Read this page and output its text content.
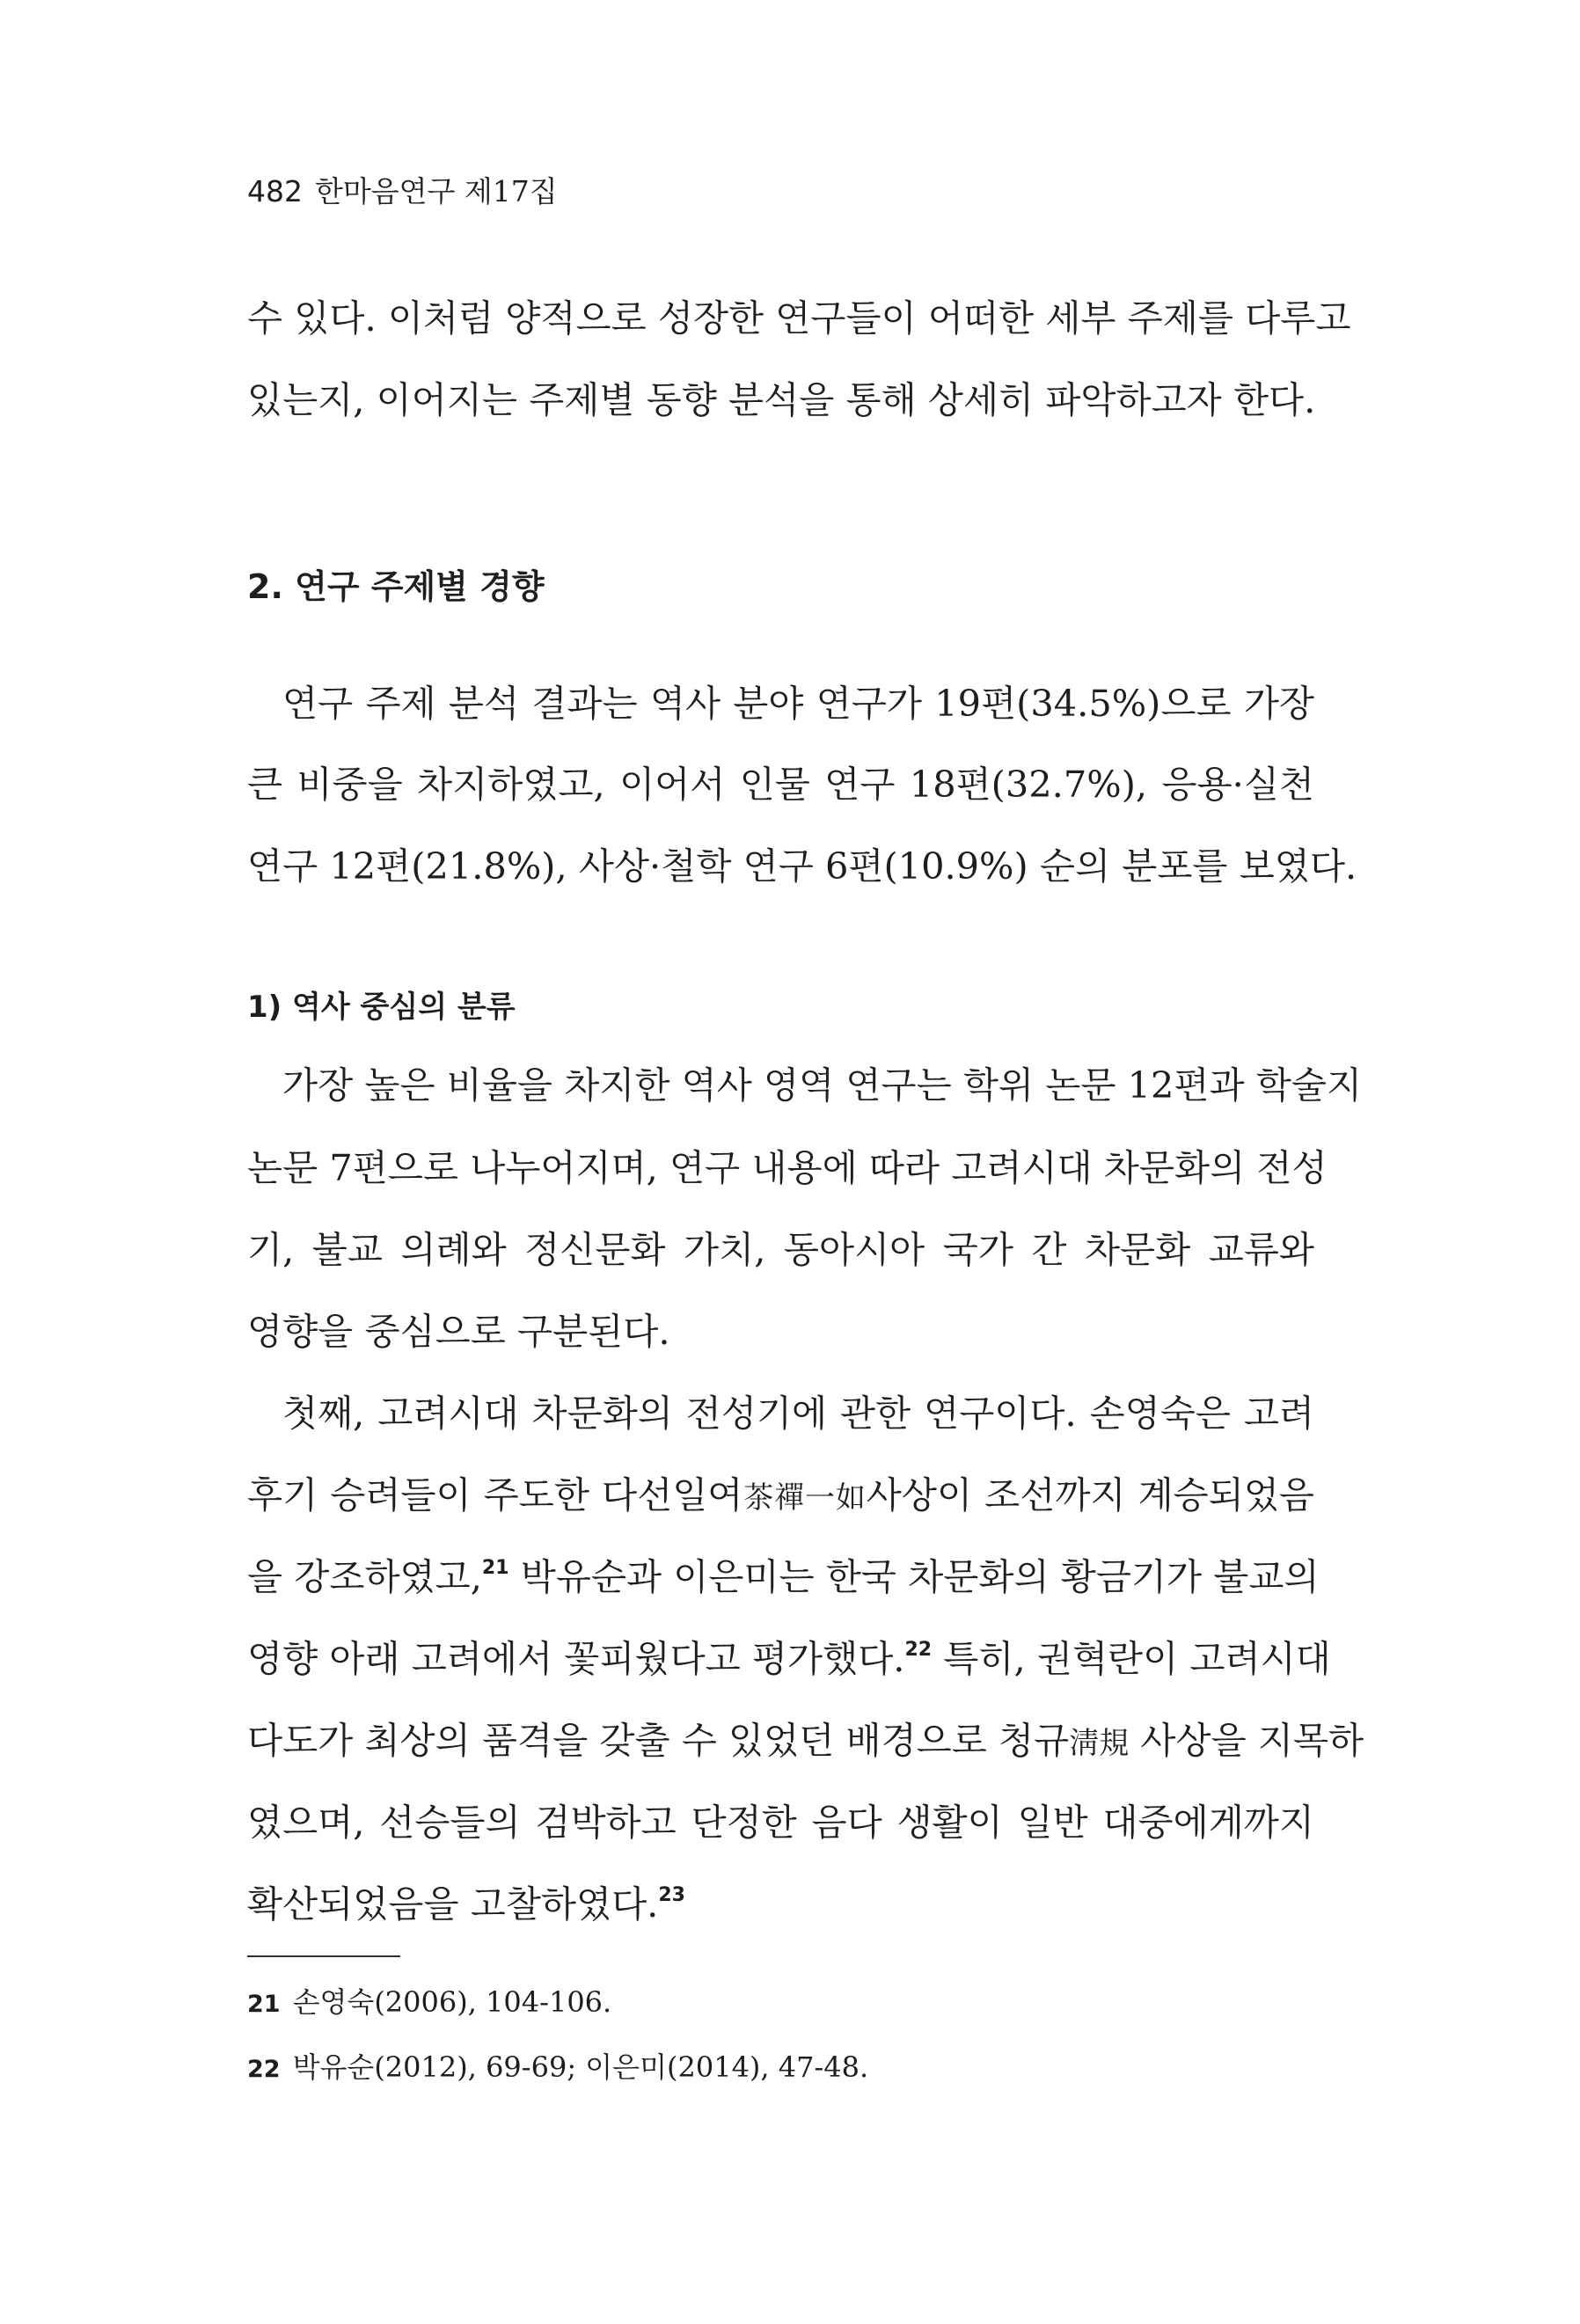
482 한마음연구 제17집
수 있다. 이처럼 양적으로 성장한 연구들이 어떠한 세부 주제를 다루고
있는지, 이어지는 주제별 동향 분석을 통해 상세히 파악하고자 한다.
2. 연구 주제별 경향
연구 주제 분석 결과는 역사 분야 연구가 19편(34.5%)으로 가장
큰 비중을 차지하였고, 이어서 인물 연구 18편(32.7%), 응용·실천
연구 12편(21.8%), 사상·철학 연구 6편(10.9%) 순의 분포를 보였다.
1) 역사 중심의 분류
가장 높은 비율을 차지한 역사 영역 연구는 학위 논문 12편과 학술지
논문 7편으로 나누어지며, 연구 내용에 따라 고려시대 차문화의 전성
기, 불교 의례와 정신문화 가치, 동아시아 국가 간 차문화 교류와
영향을 중심으로 구분된다.
첫째, 고려시대 차문화의 전성기에 관한 연구이다. 손영숙은 고려
후기 승려들이 주도한 다선일여茶禪一如사상이 조선까지 계승되었음
을 강조하였고,$^{21}$ 박유순과 이은미는 한국 차문화의 황금기가 불교의
영향 아래 고려에서 꽃피웠다고 평가했다.$^{22}$ 특히, 권혁란이 고려시대
다도가 최상의 품격을 갖출 수 있었던 배경으로 청규淸規 사상을 지목하
였으며, 선승들의 검박하고 단정한 음다 생활이 일반 대중에게까지
확산되었음을 고찰하였다.$^{23}$
21 손영숙(2006), 104-106.
22 박유순(2012), 69-69; 이은미(2014), 47-48.
